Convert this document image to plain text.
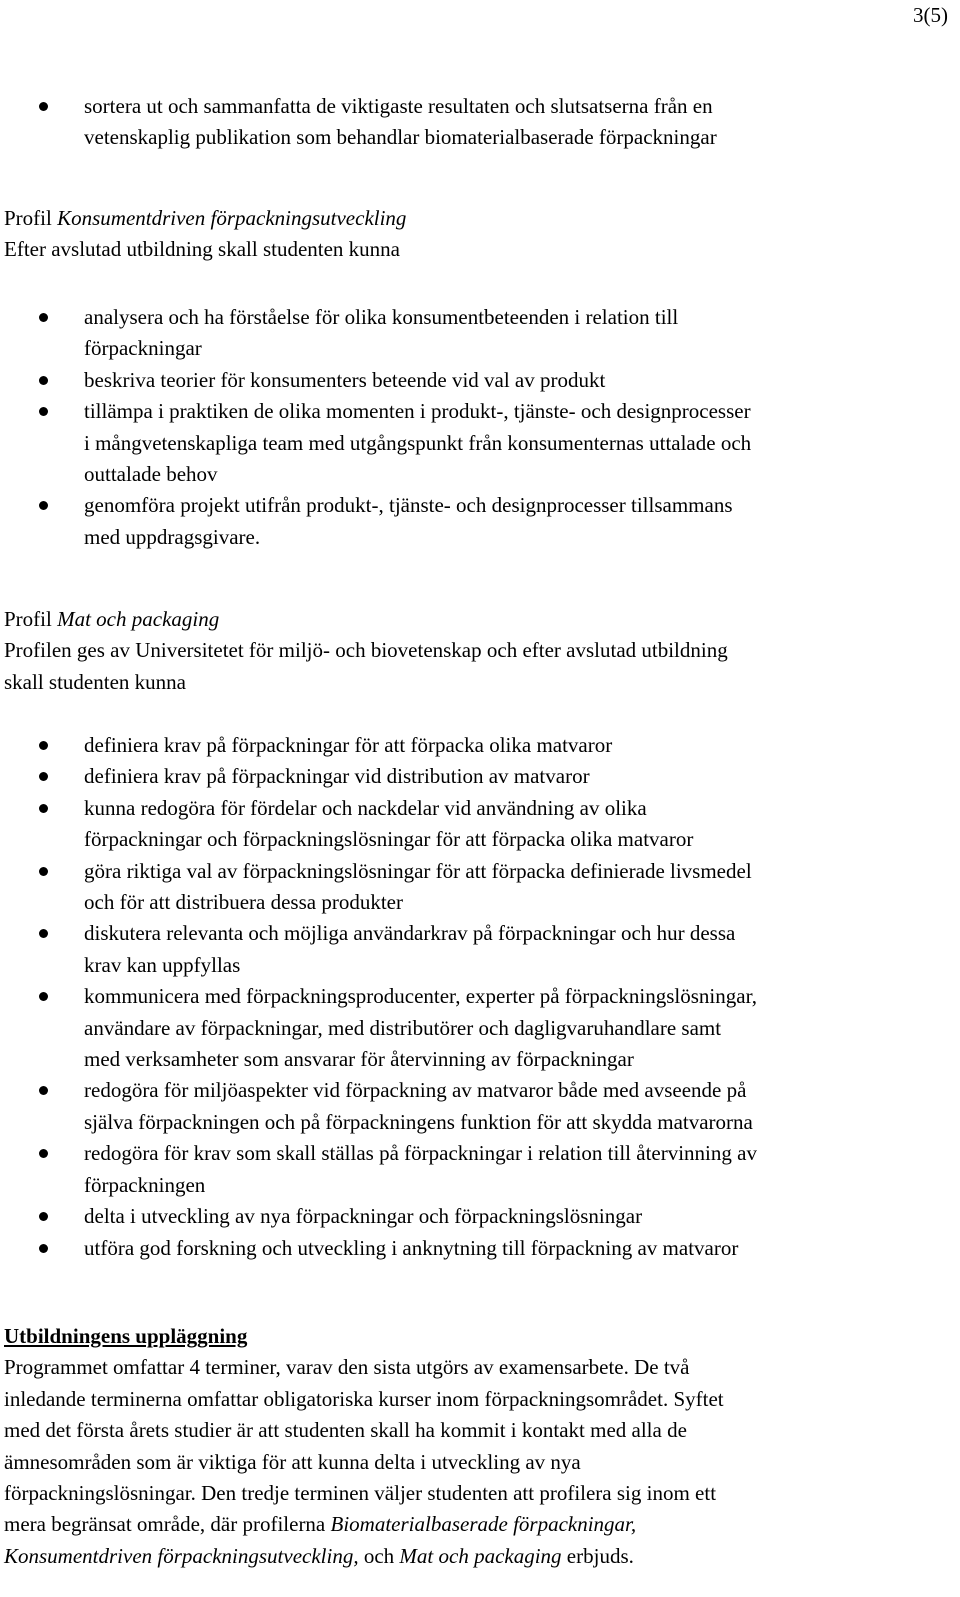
3(5)
sortera ut och sammanfatta de viktigaste resultaten och slutsatserna från en
vetenskaplig publikation som behandlar biomaterialbaserade förpackningar
Profil Konsumentdriven förpackningsutveckling
Efter avslutad utbildning skall studenten kunna
analysera och ha förståelse för olika konsumentbeteenden i relation till
förpackningar
beskriva teorier för konsumenters beteende vid val av produkt
tillämpa i praktiken de olika momenten i produkt-, tjänste- och designprocesser
i mångvetenskapliga team med utgångspunkt från konsumenternas uttalade och
outtalade behov
genomföra projekt utifrån produkt-, tjänste- och designprocesser tillsammans
med uppdragsgivare.
Profil Mat och packaging
Profilen ges av Universitetet för miljö- och biovetenskap och efter avslutad utbildning
skall studenten kunna
definiera krav på förpackningar för att förpacka olika matvaror
definiera krav på förpackningar vid distribution av matvaror
kunna redogöra för fördelar och nackdelar vid användning av olika
förpackningar och förpackningslösningar för att förpacka olika matvaror
göra riktiga val av förpackningslösningar för att förpacka definierade livsmedel
och för att distribuera dessa produkter
diskutera relevanta och möjliga användarkrav på förpackningar och hur dessa
krav kan uppfyllas
kommunicera med förpackningsproducenter, experter på förpackningslösningar,
användare av förpackningar, med distributörer och dagligvaruhandlare samt
med verksamheter som ansvarar för återvinning av förpackningar
redogöra för miljöaspekter vid förpackning av matvaror både med avseende på
själva förpackningen och på förpackningens funktion för att skydda matvarorna
redogöra för krav som skall ställas på förpackningar i relation till återvinning av
förpackningen
delta i utveckling av nya förpackningar och förpackningslösningar
utföra god forskning och utveckling i anknytning till förpackning av matvaror
Utbildningens uppläggning
Programmet omfattar 4 terminer, varav den sista utgörs av examensarbete. De två
inledande terminerna omfattar obligatoriska kurser inom förpackningsområdet. Syftet
med det första årets studier är att studenten skall ha kommit i kontakt med alla de
ämnesområden som är viktiga för att kunna delta i utveckling av nya
förpackningslösningar. Den tredje terminen väljer studenten att profilera sig inom ett
mera begränsat område, där profilerna Biomaterialbaserade förpackningar,
Konsumentdriven förpackningsutveckling, och Mat och packaging erbjuds.
